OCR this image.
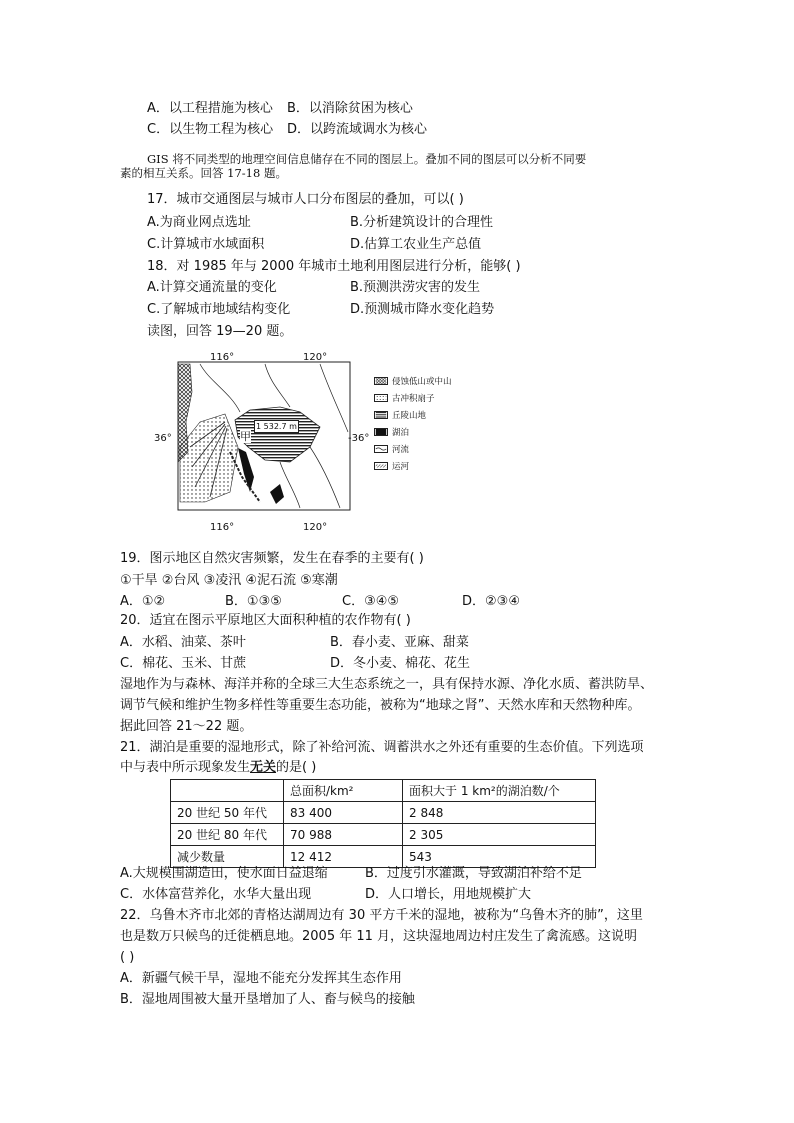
A．以工程措施为核心 B．以消除贫困为核心
C．以生物工程为核心 D．以跨流域调水为核心
GIS 将不同类型的地理空间信息储存在不同的图层上。叠加不同的图层可以分析不同要
素的相互关系。回答 17-18 题。
17．城市交通图层与城市人口分布图层的叠加，可以( )
A.为商业网点选址	B.分析建筑设计的合理性
C.计算城市水域面积	D.估算工农业生产总值
18．对 1985 年与 2000 年城市土地利用图层进行分析，能够( )
A.计算交通流量的变化	B.预测洪涝灾害的发生
C.了解城市地域结构变化	D.预测城市降水变化趋势
读图，回答 19—20 题。
116°	120°
116°	120°
36°	-36°
1 532.7 m
甲
侵蚀低山或中山
古冲积扇子
丘陵山地
湖泊
河流
运河
19．图示地区自然灾害频繁，发生在春季的主要有( )
①干旱 ②台风 ③凌汛 ④泥石流 ⑤寒潮
A．①②	B．①③⑤	C．③④⑤	D．②③④
20．适宜在图示平原地区大面积种植的农作物有( )
A．水稻、油菜、茶叶	B．春小麦、亚麻、甜菜
C．棉花、玉米、甘蔗	D．冬小麦、棉花、花生
湿地作为与森林、海洋并称的全球三大生态系统之一，具有保持水源、净化水质、蓄洪防旱、
调节气候和维护生物多样性等重要生态功能，被称为“地球之肾”、天然水库和天然物种库。
据此回答 21～22 题。
21．湖泊是重要的湿地形式，除了补给河流、调蓄洪水之外还有重要的生态价值。下列选项
中与表中所示现象发生无关的是( )
	总面积/km²	面积大于 1 km²的湖泊数/个
20 世纪 50 年代	83 400	2 848
20 世纪 80 年代	70 988	2 305
减少数量	12 412	543
A.大规模围湖造田，使水面日益退缩	B．过度引水灌溉，导致湖泊补给不足
C．水体富营养化，水华大量出现	D．人口增长，用地规模扩大
22．乌鲁木齐市北郊的青格达湖周边有 30 平方千米的湿地，被称为“乌鲁木齐的肺”，这里
也是数万只候鸟的迁徙栖息地。2005 年 11 月，这块湿地周边村庄发生了禽流感。这说明
( )
A．新疆气候干旱，湿地不能充分发挥其生态作用
B．湿地周围被大量开垦增加了人、畜与候鸟的接触
